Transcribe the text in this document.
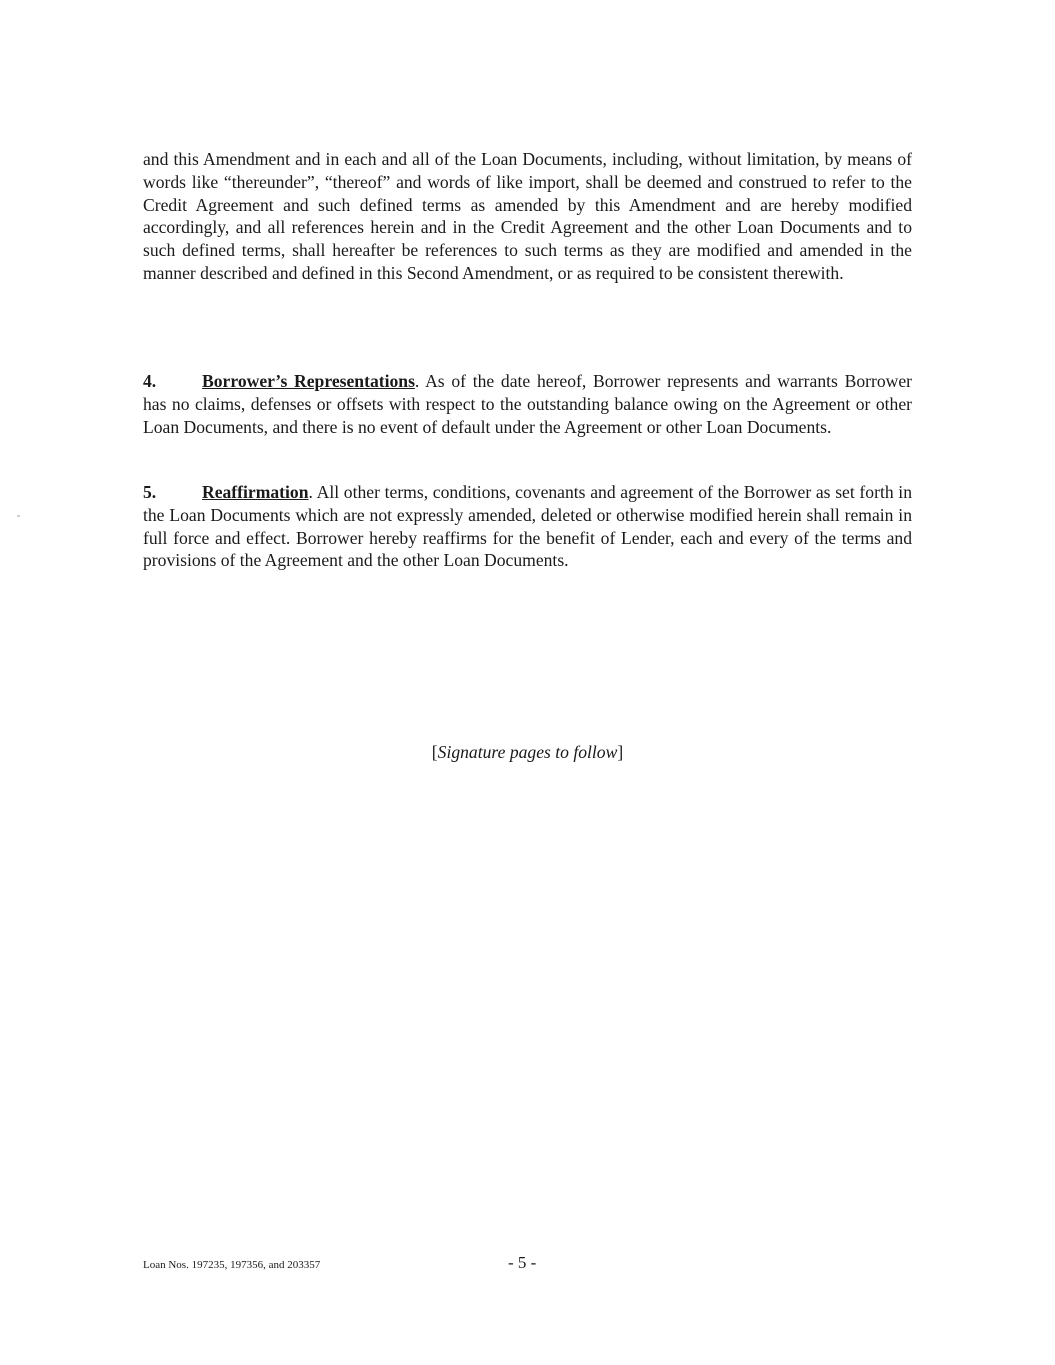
and this Amendment and in each and all of the Loan Documents, including, without limitation, by means of words like “thereunder”, “thereof” and words of like import, shall be deemed and construed to refer to the Credit Agreement and such defined terms as amended by this Amendment and are hereby modified accordingly, and all references herein and in the Credit Agreement and the other Loan Documents and to such defined terms, shall hereafter be references to such terms as they are modified and amended in the manner described and defined in this Second Amendment, or as required to be consistent therewith.

4.	Borrower’s Representations. As of the date hereof, Borrower represents and warrants Borrower has no claims, defenses or offsets with respect to the outstanding balance owing on the Agreement or other Loan Documents, and there is no event of default under the Agreement or other Loan Documents.

5.	Reaffirmation. All other terms, conditions, covenants and agreement of the Borrower as set forth in the Loan Documents which are not expressly amended, deleted or otherwise modified herein shall remain in full force and effect. Borrower hereby reaffirms for the benefit of Lender, each and every of the terms and provisions of the Agreement and the other Loan Documents.

[Signature pages to follow]

Loan Nos. 197235, 197356, and 203357	- 5 -
